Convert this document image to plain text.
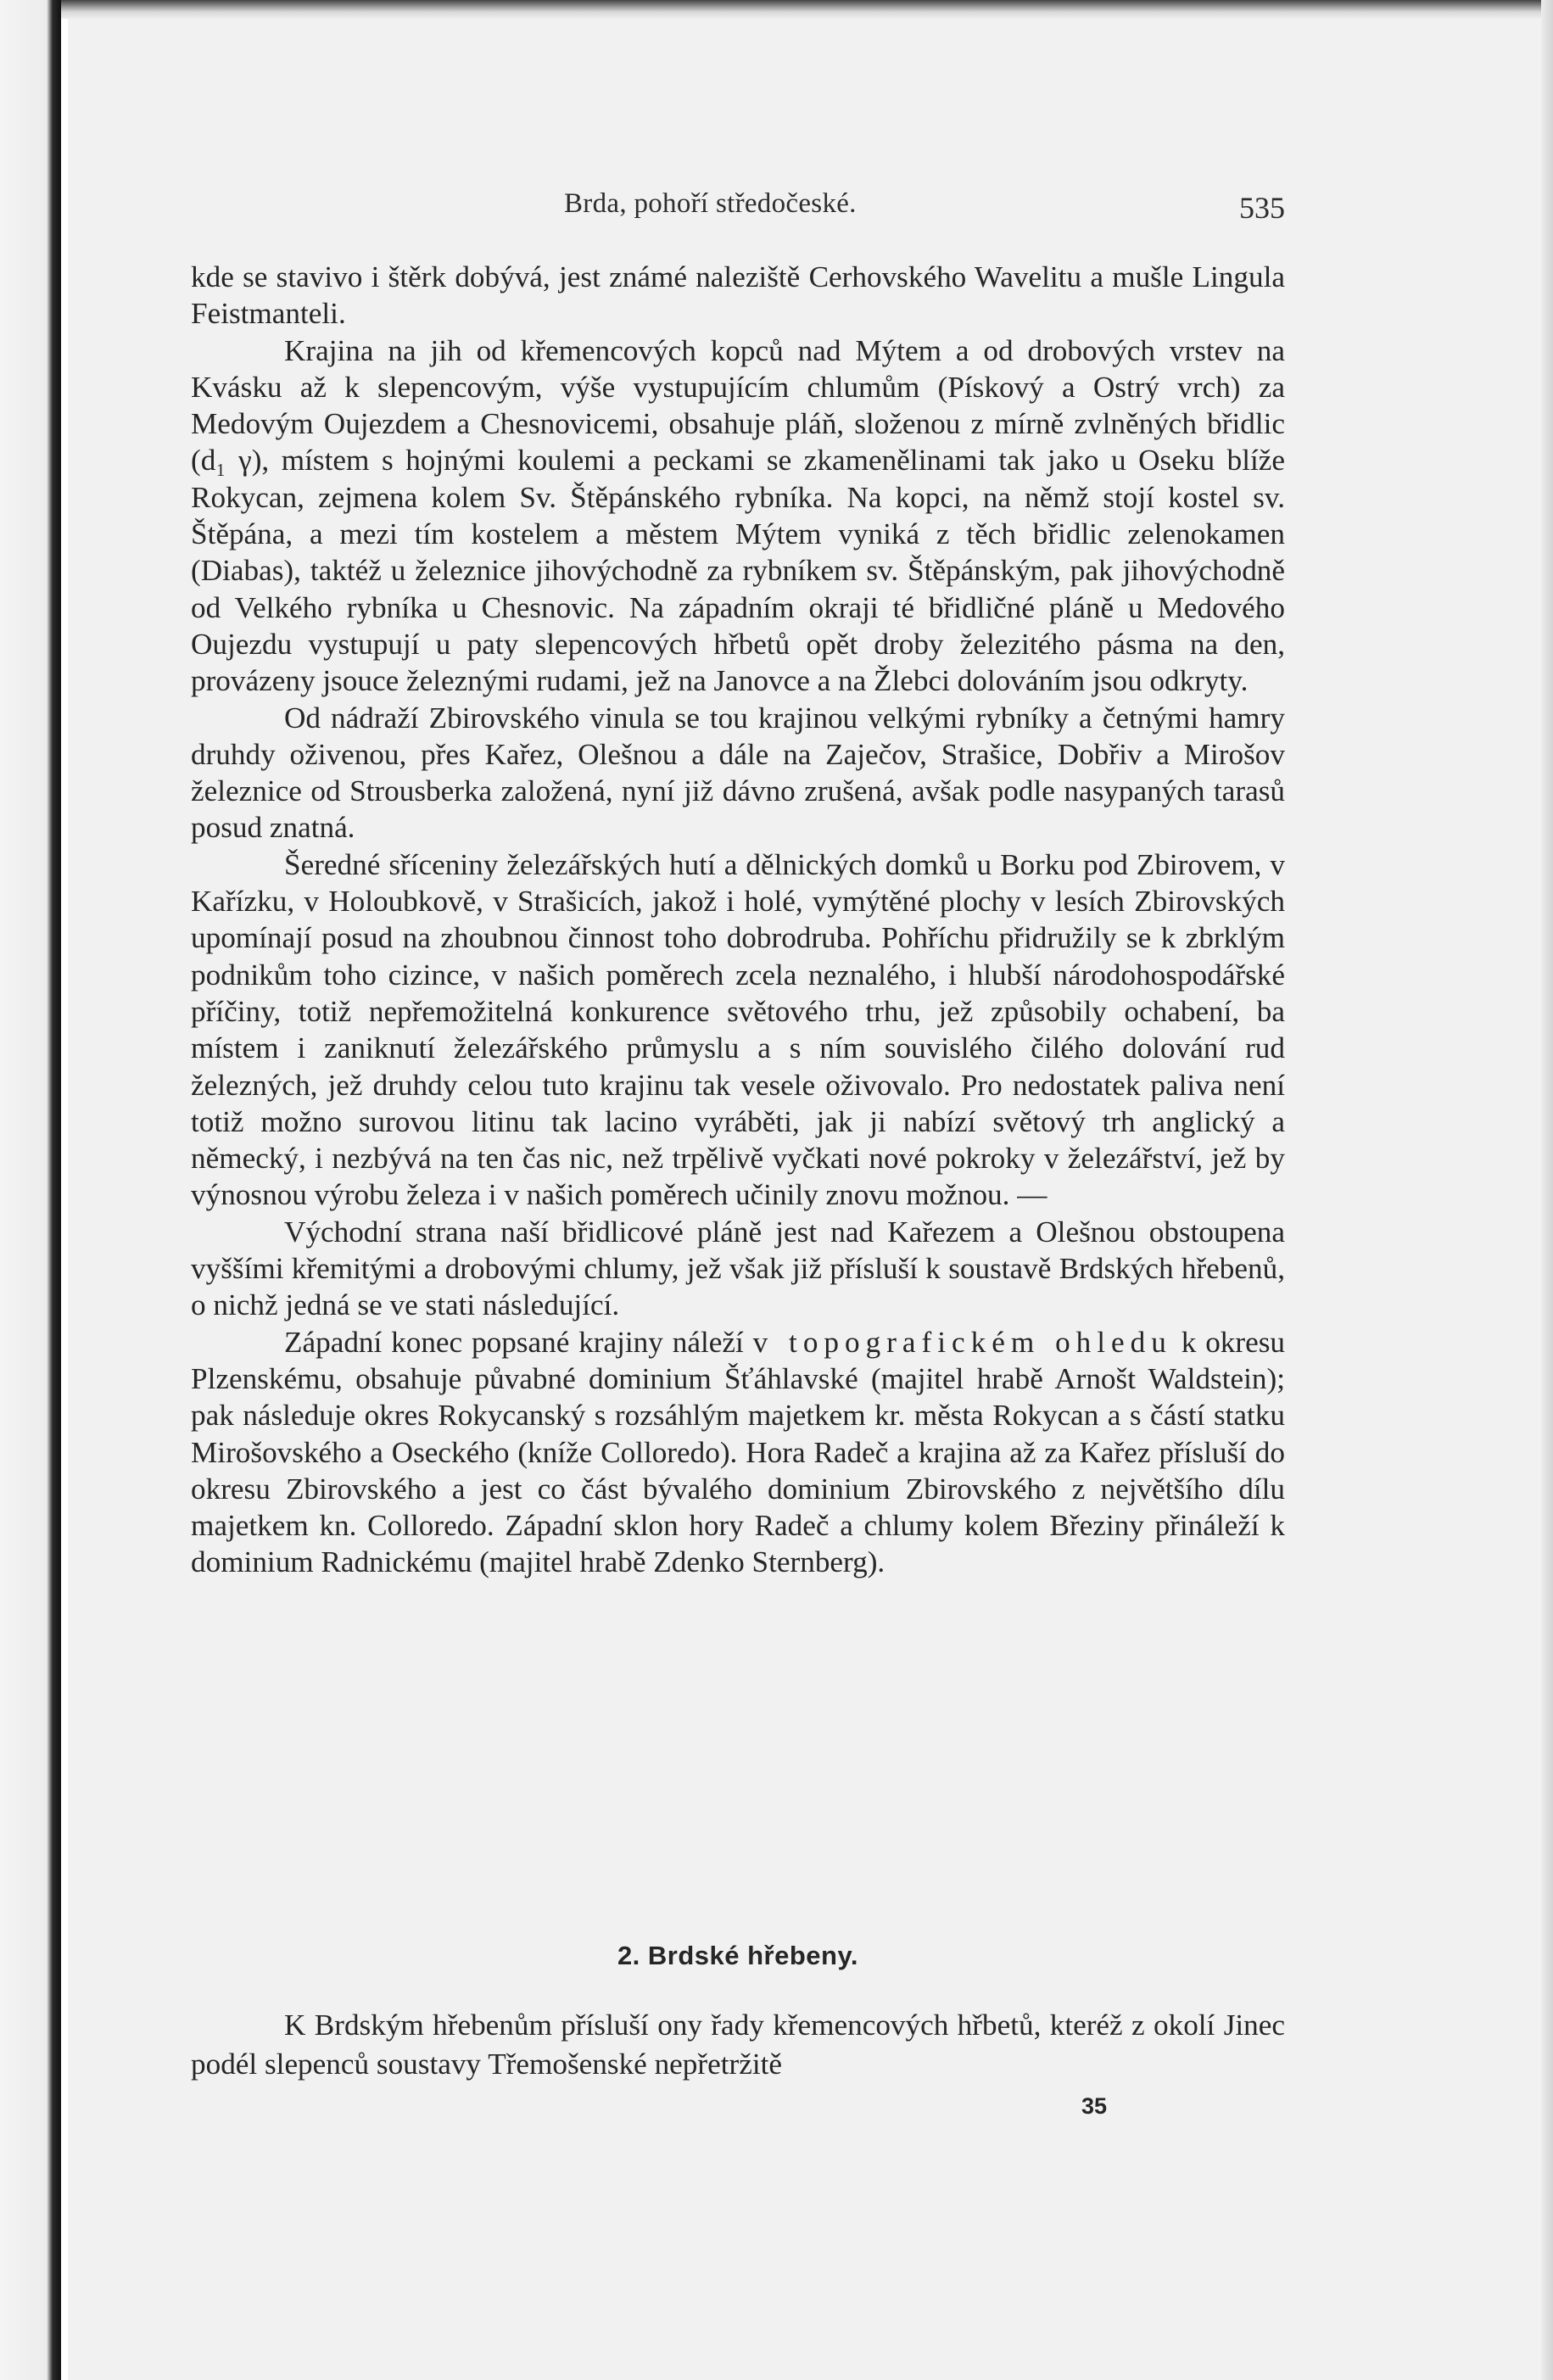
Brda, pohoří středočeské.	535

kde se stavivo i štěrk dobývá, jest známé naleziště Cerhovského Wavelitu a mušle Lingula Feistmanteli.

Krajina na jih od křemencových kopců nad Mýtem a od drobových vrstev na Kvásku až k slepencovým, výše vystupujícím chlumům (Pískový a Ostrý vrch) za Medovým Oujezdem a Chesnovicemi, obsahuje pláň, složenou z mírně zvlněných břidlic (d₁ γ), místem s hojnými koulemi a peckami se zkamenělinami tak jako u Oseku blíže Rokycan, zejmena kolem Sv. Štěpánského rybníka. Na kopci, na němž stojí kostel sv. Štěpána, a mezi tím kostelem a městem Mýtem vyniká z těch břidlic zelenokamen (Diabas), taktéž u železnice jihovýchodně za rybníkem sv. Štěpánským, pak jihovýchodně od Velkého rybníka u Chesnovic. Na západním okraji té břidličné pláně u Medového Oujezdu vystupují u paty slepencových hřbetů opět droby železitého pásma na den, provázeny jsouce železnými rudami, jež na Janovce a na Žlebci dolováním jsou odkryty.

Od nádraží Zbirovského vinula se tou krajinou velkými rybníky a četnými hamry druhdy oživenou, přes Kařez, Olešnou a dále na Zaječov, Strašice, Dobřiv a Mirošov železnice od Strousberka založená, nyní již dávno zrušená, avšak podle nasypaných tarasů posud znatná.

Šeredné sříceniny železářských hutí a dělnických domků u Borku pod Zbirovem, v Kařízku, v Holoubkově, v Strašicích, jakož i holé, vymýtěné plochy v lesích Zbirovských upomínají posud na zhoubnou činnost toho dobrodruba. Pohříchu přidružily se k zbrklým podnikům toho cizince, v našich poměrech zcela neznalého, i hlubší národohospodářské příčiny, totiž nepřemožitelná konkurence světového trhu, jež způsobily ochabení, ba místem i zaniknutí železářského průmyslu a s ním souvislého čilého dolování rud železných, jež druhdy celou tuto krajinu tak vesele oživovalo. Pro nedostatek paliva není totiž možno surovou litinu tak lacino vyráběti, jak ji nabízí světový trh anglický a německý, i nezbývá na ten čas nic, než trpělivě vyčkati nové pokroky v železářství, jež by výnosnou výrobu železa i v našich poměrech učinily znovu možnou. —

Východní strana naší břidlicové pláně jest nad Kařezem a Olešnou obstoupena vyššími křemitými a drobovými chlumy, jež však již přísluší k soustavě Brdských hřebenů, o nichž jedná se ve stati následující.

Západní konec popsané krajiny náleží v topografickém ohledu k okresu Plzenskému, obsahuje půvabné dominium Šťáhlavské (majitel hrabě Arnošt Waldstein); pak následuje okres Rokycanský s rozsáhlým majetkem kr. města Rokycan a s částí statku Mirošovského a Oseckého (kníže Colloredo). Hora Radeč a krajina až za Kařez přísluší do okresu Zbirovského a jest co část bývalého dominium Zbirovského z největšího dílu majetkem kn. Colloredo. Západní sklon hory Radeč a chlumy kolem Březiny přináleží k dominium Radnickému (majitel hrabě Zdenko Sternberg).

2. Brdské hřebeny.

K Brdským hřebenům přísluší ony řady křemencových hřbetů, kteréž z okolí Jinec podél slepenců soustavy Třemošenské nepřetržitě

35
